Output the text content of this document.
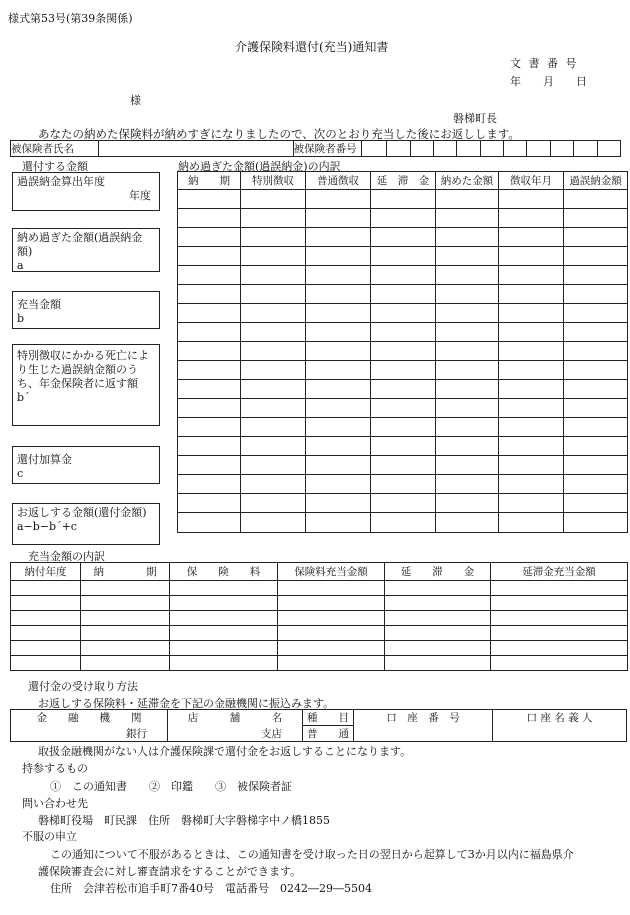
様式第53号(第39条関係)
介護保険料還付(充当)通知書
文 書 番 号
年　　月　　日
様
磐梯町長
あなたの納めた保険料が納めすぎになりましたので、次のとおり充当した後にお返しします。
被保険者氏名		被保険者番号											
還付する金額	納め過ぎた金額(過誤納金)の内訳
過誤納金算出年度
年度
納め過ぎた金額(過誤納金額)
a
充当金額
b
特別徴収にかかる死亡により生じた過誤納金額のうち、年金保険者に返す額
b´
還付加算金
c
お返しする金額(還付金額)
a−b−b´+c
納　　期	特別徴収	普通徴収	延　滞　金	納めた金額	徴収年月	過誤納金額

充当金額の内訳
納付年度	納　　　　期	保　　険　　料	保険料充当金額	延　　滞　　金	延滞金充当金額

還付金の受け取り方法
お返しする保険料・延滞金を下記の金融機関に振込みます。
金　　融　　機　　関	店　　　舗　　　名	種　　目	口　座　番　号	口 座 名 義 人
銀行	支店	普　　通		
取扱金融機関がない人は介護保険課で還付金をお返しすることになります。
持参するもの
①　この通知書　　②　印鑑　　③　被保険者証
問い合わせ先
磐梯町役場　町民課　住所　磐梯町大字磐梯字中ノ橋1855
不服の申立
この通知について不服があるときは、この通知書を受け取った日の翌日から起算して3か月以内に福島県介
護保険審査会に対し審査請求をすることができます。
住所　会津若松市追手町7番40号　電話番号　0242―29―5504
